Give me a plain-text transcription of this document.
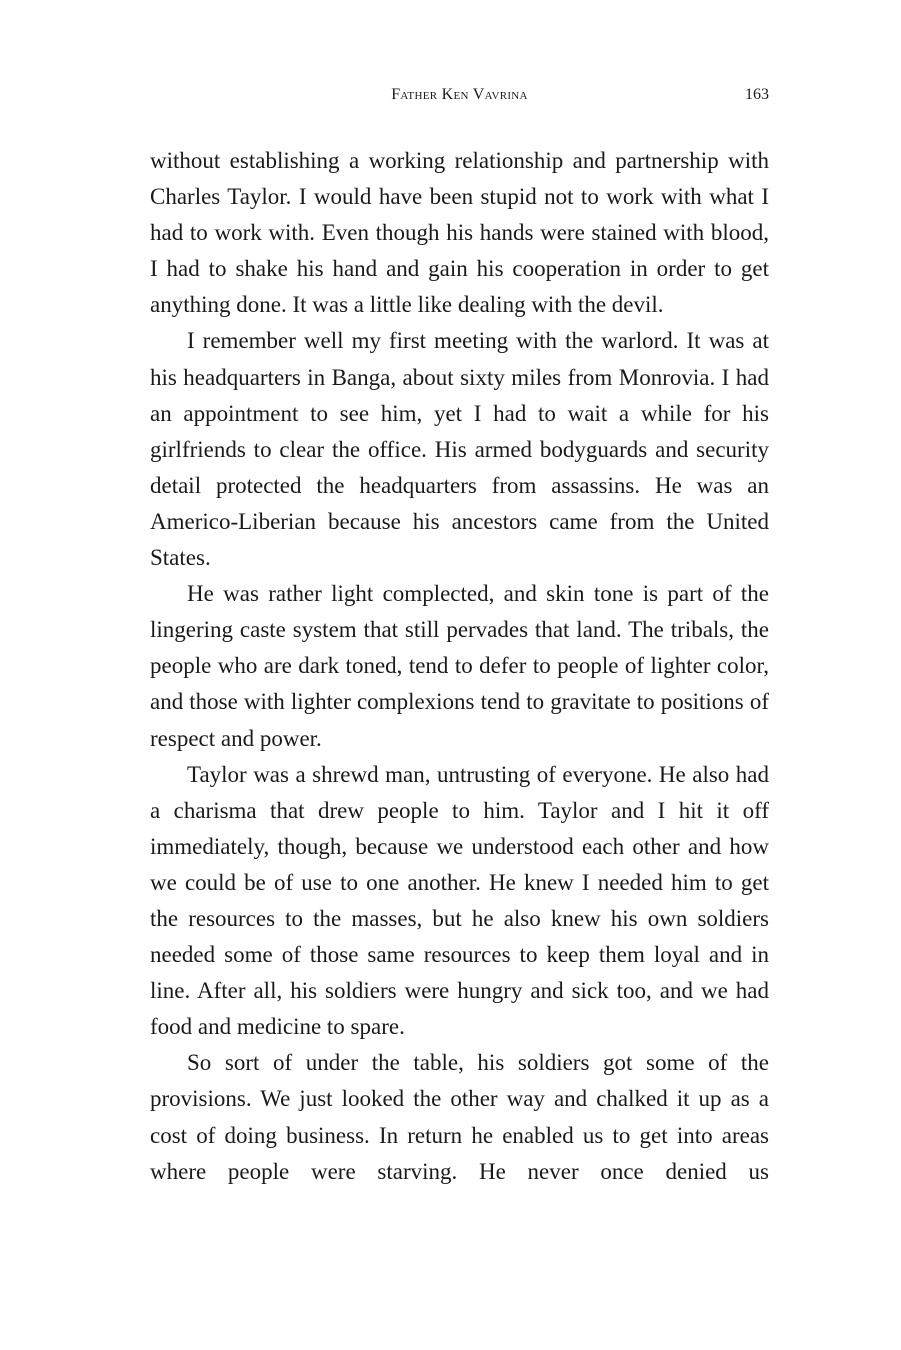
Father Ken Vavrina	163

without establishing a working relationship and partnership with Charles Taylor. I would have been stupid not to work with what I had to work with. Even though his hands were stained with blood, I had to shake his hand and gain his cooperation in order to get anything done. It was a little like dealing with the devil.

I remember well my first meeting with the warlord. It was at his headquarters in Banga, about sixty miles from Monrovia. I had an appointment to see him, yet I had to wait a while for his girlfriends to clear the office. His armed bodyguards and security detail protected the headquarters from assassins. He was an Americo-Liberian because his ancestors came from the United States.

He was rather light complected, and skin tone is part of the lingering caste system that still pervades that land. The tribals, the people who are dark toned, tend to defer to people of lighter color, and those with lighter complexions tend to gravitate to positions of respect and power.

Taylor was a shrewd man, untrusting of everyone. He also had a charisma that drew people to him. Taylor and I hit it off immediately, though, because we understood each other and how we could be of use to one another. He knew I needed him to get the resources to the masses, but he also knew his own soldiers needed some of those same resources to keep them loyal and in line. After all, his soldiers were hungry and sick too, and we had food and medicine to spare.

So sort of under the table, his soldiers got some of the provisions. We just looked the other way and chalked it up as a cost of doing business. In return he enabled us to get into areas where people were starving. He never once denied us
